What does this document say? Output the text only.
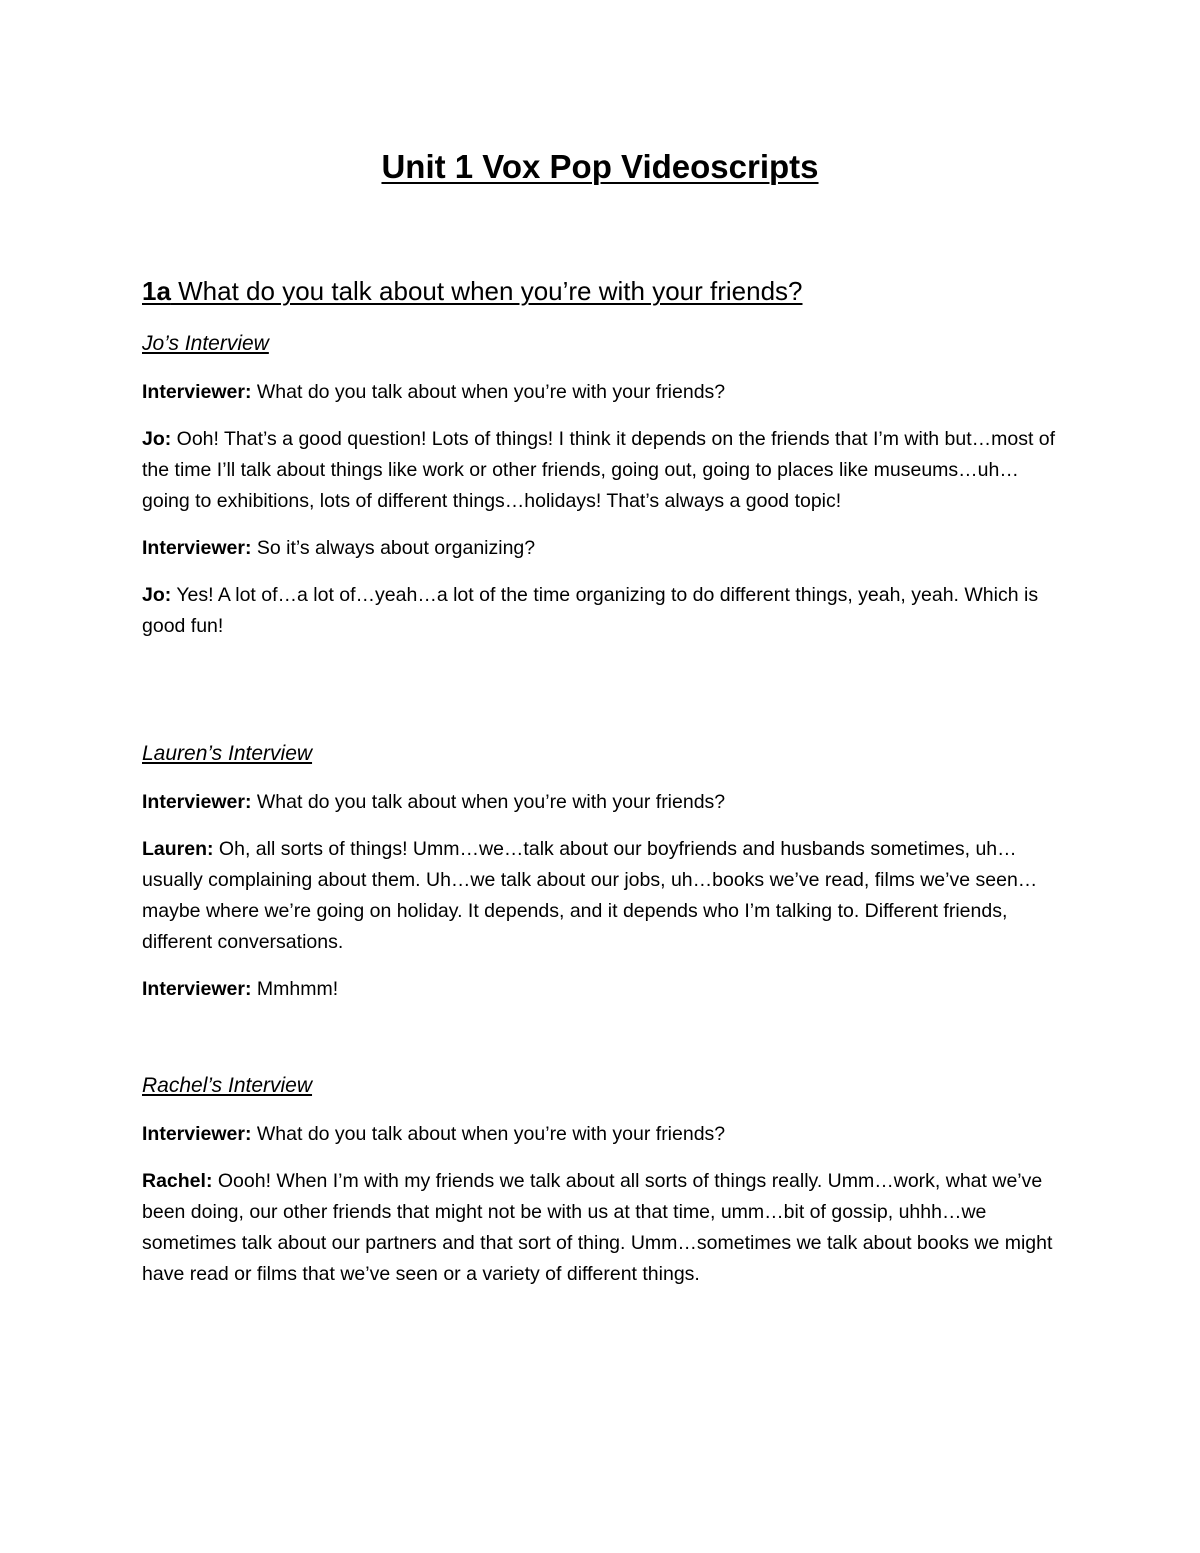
Unit 1 Vox Pop Videoscripts
1a What do you talk about when you’re with your friends?
Jo’s Interview

Interviewer: What do you talk about when you’re with your friends?

Jo: Ooh! That’s a good question! Lots of things! I think it depends on the friends that I’m with but…most of the time I’ll talk about things like work or other friends, going out, going to places like museums…uh…going to exhibitions, lots of different things…holidays! That’s always a good topic!

Interviewer: So it’s always about organizing?

Jo: Yes! A lot of…a lot of…yeah…a lot of the time organizing to do different things, yeah, yeah. Which is good fun!

Lauren’s Interview

Interviewer: What do you talk about when you’re with your friends?

Lauren: Oh, all sorts of things! Umm…we…talk about our boyfriends and husbands sometimes, uh…usually complaining about them. Uh…we talk about our jobs, uh…books we’ve read, films we’ve seen…maybe where we’re going on holiday. It depends, and it depends who I’m talking to. Different friends, different conversations.

Interviewer: Mmhmm!

Rachel’s Interview

Interviewer: What do you talk about when you’re with your friends?

Rachel: Oooh! When I’m with my friends we talk about all sorts of things really. Umm…work, what we’ve been doing, our other friends that might not be with us at that time, umm…bit of gossip, uhhh…we sometimes talk about our partners and that sort of thing. Umm…sometimes we talk about books we might have read or films that we’ve seen or a variety of different things.
